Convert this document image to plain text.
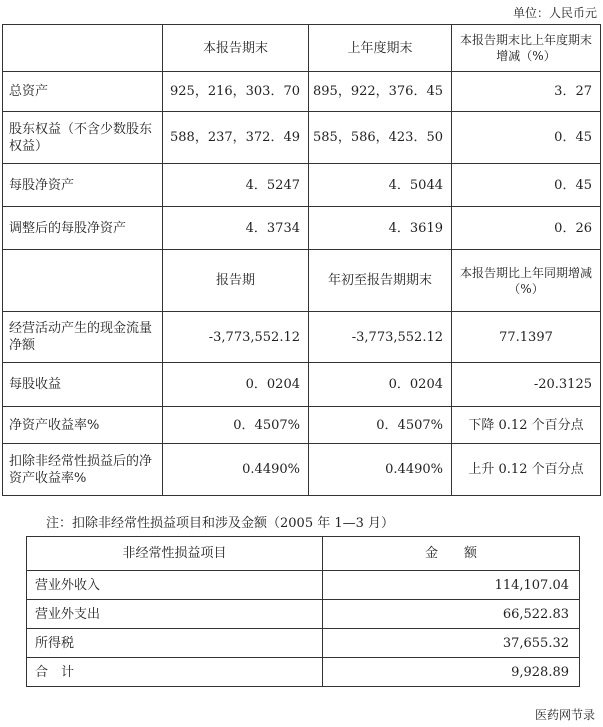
单位：人民币元
	本报告期末	上年度期末	本报告期末比上年度期末增减（%）
总资产	925，216，303．70	895，922，376．45	3．27
股东权益（不含少数股东权益）	588，237，372．49	585，586，423．50	0．45
每股净资产	4．5247	4．5044	0．45
调整后的每股净资产	4．3734	4．3619	0．26
	报告期	年初至报告期期末	本报告期比上年同期增减（%）
经营活动产生的现金流量净额	-3,773,552.12	-3,773,552.12	77.1397
每股收益	0．0204	0．0204	-20.3125
净资产收益率%	0．4507%	0．4507%	下降 0.12 个百分点
扣除非经常性损益后的净资产收益率%	0.4490%	0.4490%	上升 0.12 个百分点
注：扣除非经常性损益项目和涉及金额（2005 年 1—3 月）
非经常性损益项目	金　　额
营业外收入	114,107.04
营业外支出	66,522.83
所得税	37,655.32
合　计	9,928.89
医药网节录
